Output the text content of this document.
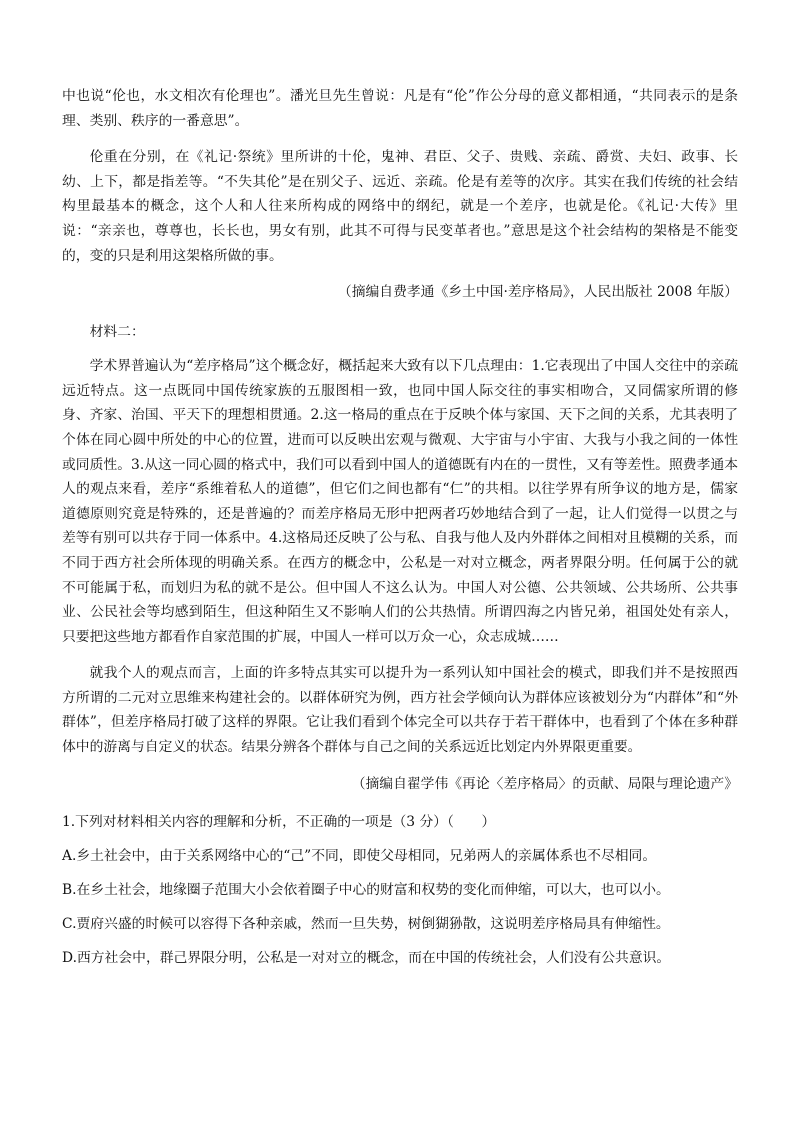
中也说“伦也，水文相次有伦理也”。潘光旦先生曾说：凡是有“伦”作公分母的意义都相通，“共同表示的是条理、类别、秩序的一番意思”。

伦重在分别，在《礼记·祭统》里所讲的十伦，鬼神、君臣、父子、贵贱、亲疏、爵赏、夫妇、政事、长幼、上下，都是指差等。“不失其伦”是在别父子、远近、亲疏。伦是有差等的次序。其实在我们传统的社会结构里最基本的概念，这个人和人往来所构成的网络中的纲纪，就是一个差序，也就是伦。《礼记·大传》里说：“亲亲也，尊尊也，长长也，男女有别，此其不可得与民变革者也。”意思是这个社会结构的架格是不能变的，变的只是利用这架格所做的事。

（摘编自费孝通《乡土中国·差序格局》，人民出版社 2008 年版）

材料二：

学术界普遍认为“差序格局”这个概念好，概括起来大致有以下几点理由：1.它表现出了中国人交往中的亲疏远近特点。这一点既同中国传统家族的五服图相一致，也同中国人际交往的事实相吻合，又同儒家所谓的修身、齐家、治国、平天下的理想相贯通。2.这一格局的重点在于反映个体与家国、天下之间的关系，尤其表明了个体在同心圆中所处的中心的位置，进而可以反映出宏观与微观、大宇宙与小宇宙、大我与小我之间的一体性或同质性。3.从这一同心圆的格式中，我们可以看到中国人的道德既有内在的一贯性，又有等差性。照费孝通本人的观点来看，差序“系维着私人的道德”，但它们之间也都有“仁”的共相。以往学界有所争议的地方是，儒家道德原则究竟是特殊的，还是普遍的？而差序格局无形中把两者巧妙地结合到了一起，让人们觉得一以贯之与差等有别可以共存于同一体系中。4.这格局还反映了公与私、自我与他人及内外群体之间相对且模糊的关系，而不同于西方社会所体现的明确关系。在西方的概念中，公私是一对对立概念，两者界限分明。任何属于公的就不可能属于私，而划归为私的就不是公。但中国人不这么认为。中国人对公德、公共领域、公共场所、公共事业、公民社会等均感到陌生，但这种陌生又不影响人们的公共热情。所谓四海之内皆兄弟，祖国处处有亲人，只要把这些地方都看作自家范围的扩展，中国人一样可以万众一心，众志成城……

就我个人的观点而言，上面的许多特点其实可以提升为一系列认知中国社会的模式，即我们并不是按照西方所谓的二元对立思维来构建社会的。以群体研究为例，西方社会学倾向认为群体应该被划分为“内群体”和“外群体”，但差序格局打破了这样的界限。它让我们看到个体完全可以共存于若干群体中，也看到了个体在多种群体中的游离与自定义的状态。结果分辨各个群体与自己之间的关系远近比划定内外界限更重要。

（摘编自翟学伟《再论〈差序格局〉的贡献、局限与理论遗产》

1.下列对材料相关内容的理解和分析，不正确的一项是（3 分）（　　）

A.乡土社会中，由于关系网络中心的“己”不同，即使父母相同，兄弟两人的亲属体系也不尽相同。

B.在乡土社会，地缘圈子范围大小会依着圈子中心的财富和权势的变化而伸缩，可以大，也可以小。

C.贾府兴盛的时候可以容得下各种亲戚，然而一旦失势，树倒猢狲散，这说明差序格局具有伸缩性。

D.西方社会中，群己界限分明，公私是一对对立的概念，而在中国的传统社会，人们没有公共意识。
